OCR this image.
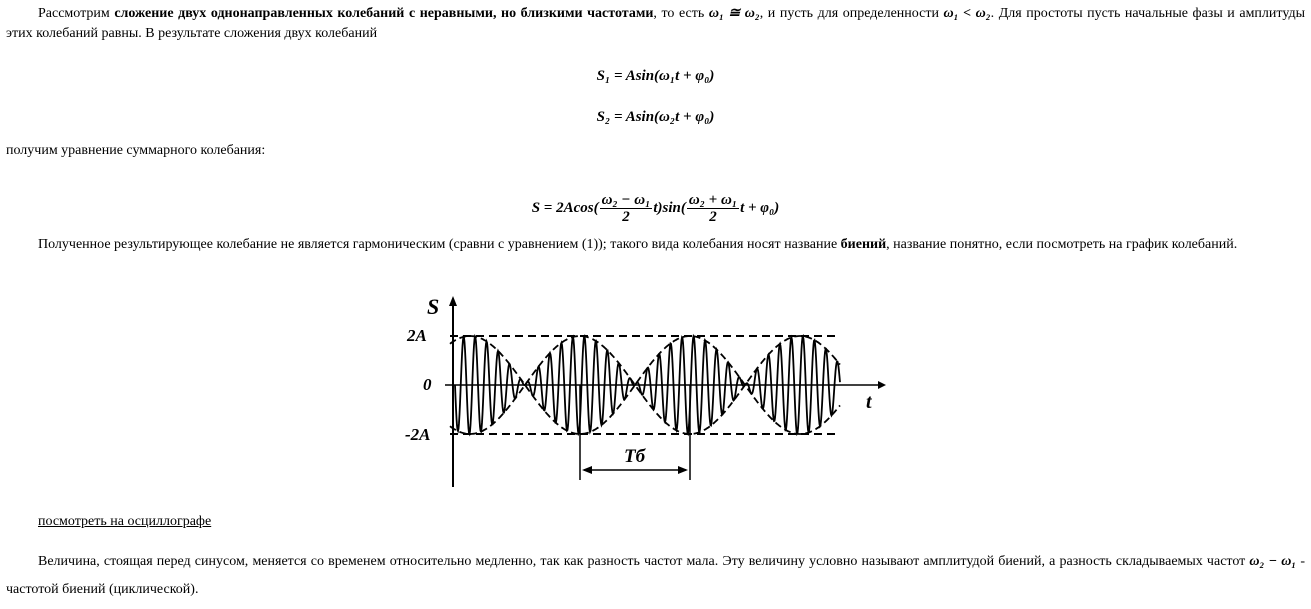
Рассмотрим сложение двух однонаправленных колебаний с неравными, но близкими частотами, то есть ω₁ ≅ ω₂, и пусть для определенности ω₁ < ω₂. Для простоты пусть начальные фазы и амплитуды этих колебаний равны. В результате сложения двух колебаний
S₁ = Asin(ω₁t + φ₀)
S₂ = Asin(ω₂t + φ₀)
получим уравнение суммарного колебания:
$S = 2Acos( \frac{\text{ω₂ − ω₁}}{2} t)\sin( \frac{\text{ω₂ + ω₁}}{2}$ t + φ₀)
Полученное результирующее колебание не является гармоническим (сравни с уравнением (1)); такого вида колебания носят название биений, название понятно, если посмотреть на график колебаний.
S
t
2A
0
-2A
Тб
посмотреть на осциллографе
Величина, стоящая перед синусом, меняется со временем относительно медленно, так как разность частот мала. Эту величину условно называют амплитудой биений, а разность складываемых частот ω₂ − ω₁ - частотой биений (циклической).
